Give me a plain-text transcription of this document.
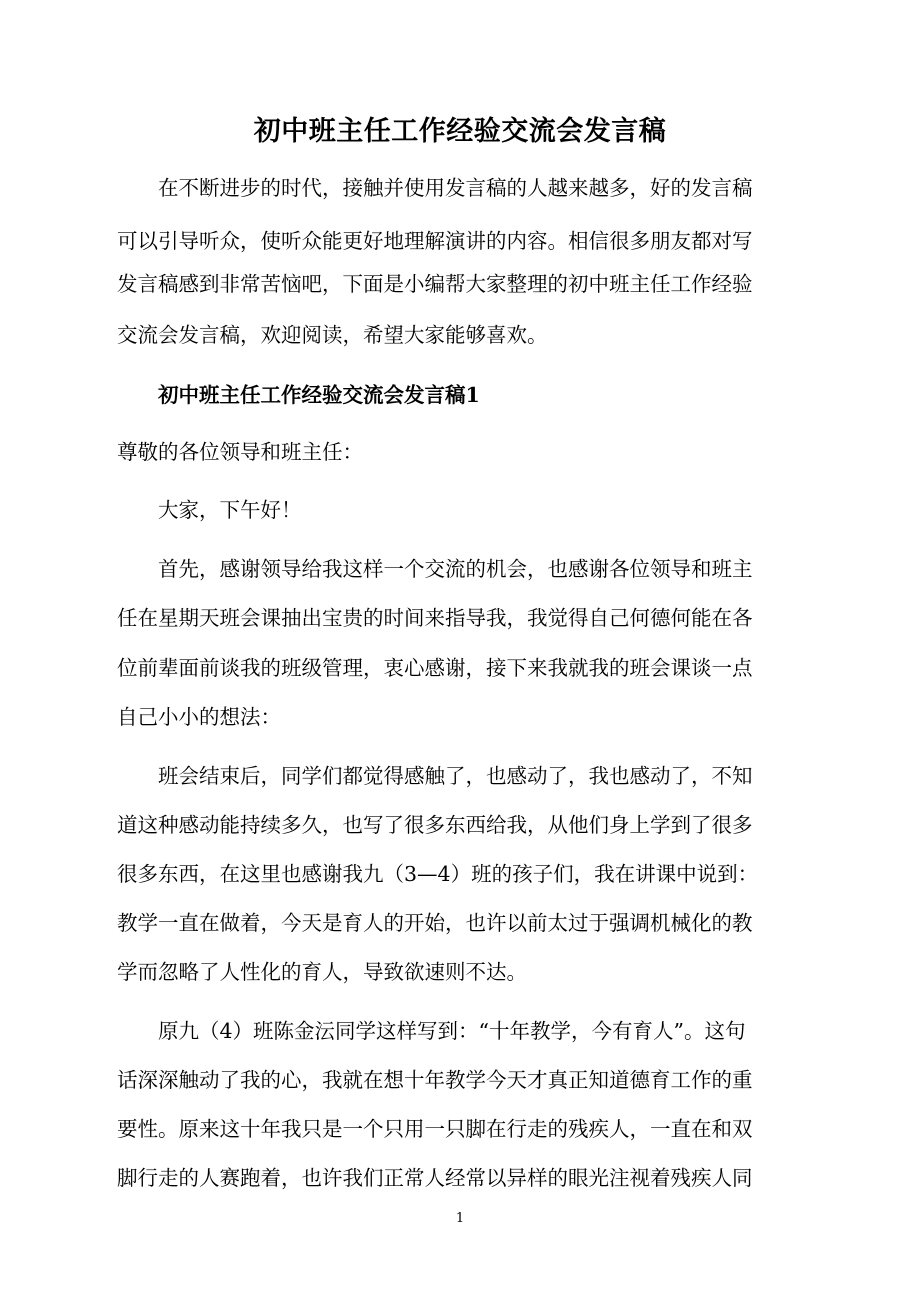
初中班主任工作经验交流会发言稿
在不断进步的时代，接触并使用发言稿的人越来越多，好的发言稿
可以引导听众，使听众能更好地理解演讲的内容。相信很多朋友都对写
发言稿感到非常苦恼吧，下面是小编帮大家整理的初中班主任工作经验
交流会发言稿，欢迎阅读，希望大家能够喜欢。
初中班主任工作经验交流会发言稿1
尊敬的各位领导和班主任：
大家，下午好！
首先，感谢领导给我这样一个交流的机会，也感谢各位领导和班主
任在星期天班会课抽出宝贵的时间来指导我，我觉得自己何德何能在各
位前辈面前谈我的班级管理，衷心感谢，接下来我就我的班会课谈一点
自己小小的想法：
班会结束后，同学们都觉得感触了，也感动了，我也感动了，不知
道这种感动能持续多久，也写了很多东西给我，从他们身上学到了很多
很多东西，在这里也感谢我九（3—4）班的孩子们，我在讲课中说到：
教学一直在做着，今天是育人的开始，也许以前太过于强调机械化的教
学而忽略了人性化的育人，导致欲速则不达。
原九（4）班陈金沄同学这样写到：“十年教学，今有育人”。这句
话深深触动了我的心，我就在想十年教学今天才真正知道德育工作的重
要性。原来这十年我只是一个只用一只脚在行走的残疾人，一直在和双
脚行走的人赛跑着，也许我们正常人经常以异样的眼光注视着残疾人同
1
